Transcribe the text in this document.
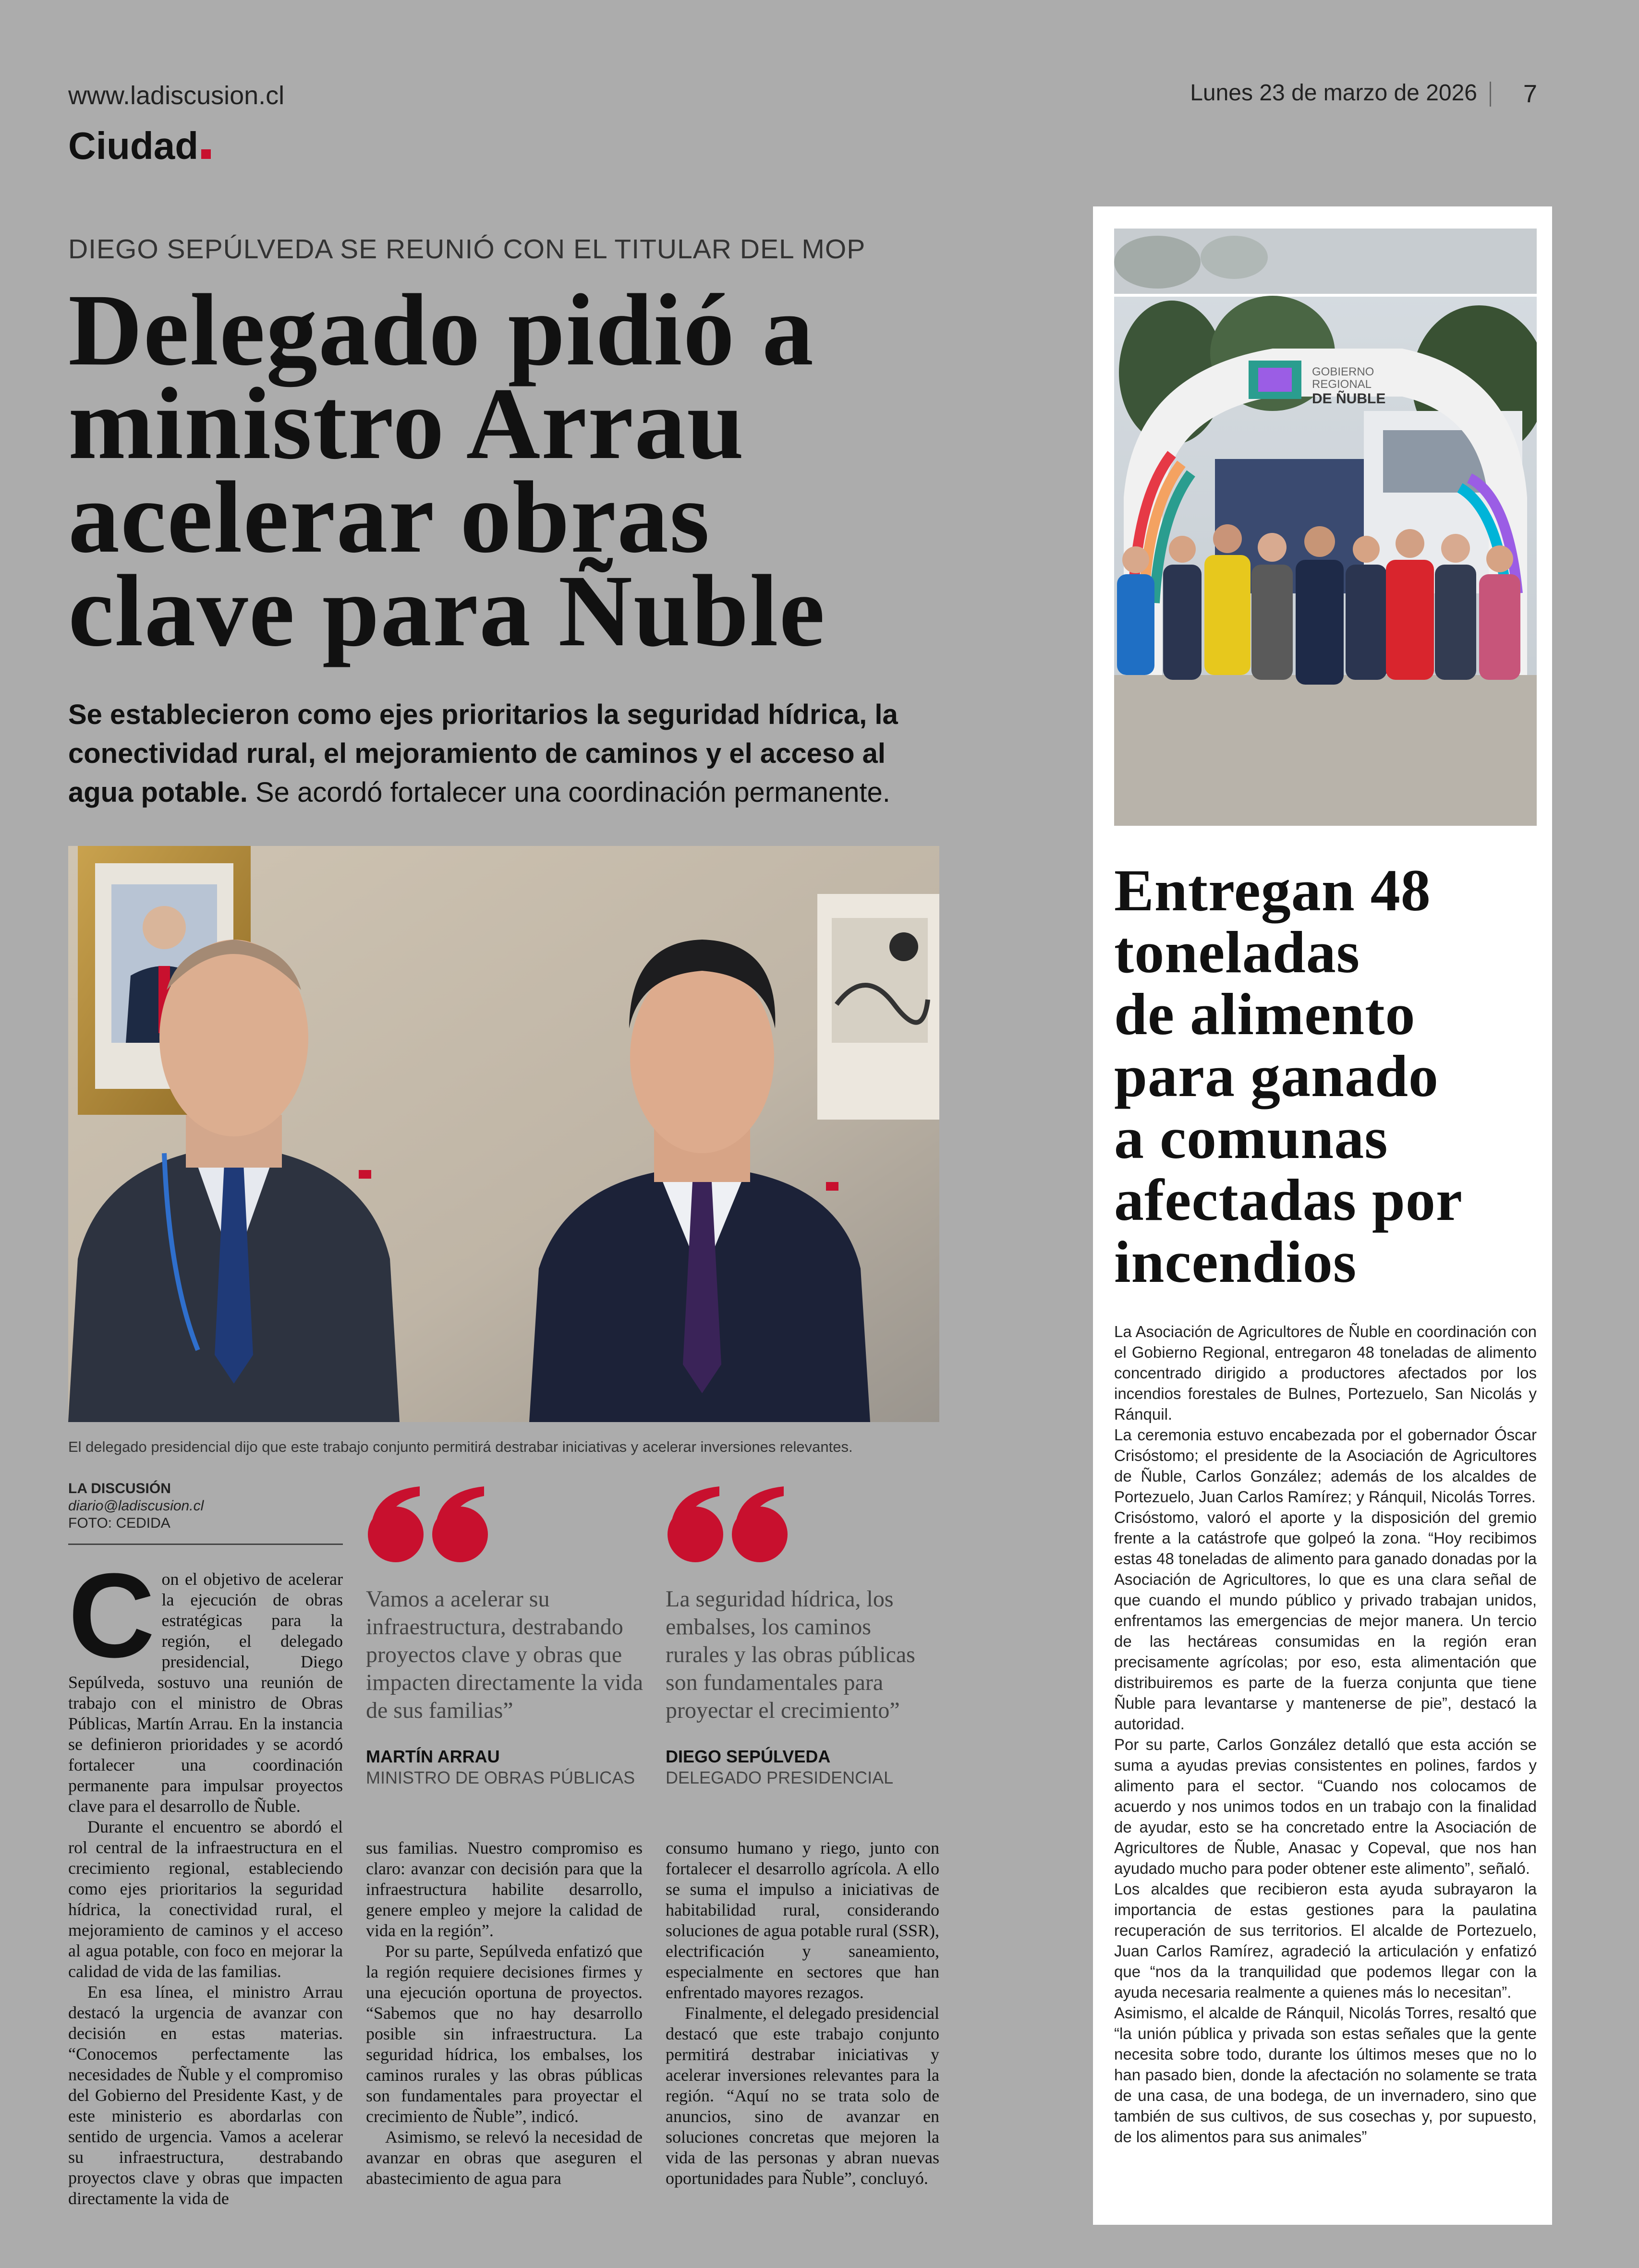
www.ladiscusion.cl
Ciudad
Lunes 23 de marzo de 2026	7
DIEGO SEPÚLVEDA SE REUNIÓ CON EL TITULAR DEL MOP
Delegado pidió a
ministro Arrau
acelerar obras
clave para Ñuble
Se establecieron como ejes prioritarios la seguridad hídrica, la conectividad rural, el mejoramiento de caminos y el acceso al agua potable. Se acordó fortalecer una coordinación permanente.
El delegado presidencial dijo que este trabajo conjunto permitirá destrabar iniciativas y acelerar inversiones relevantes.
LA DISCUSIÓN
diario@ladiscusion.cl
FOTO: CEDIDA
C on el objetivo de acelerar la ejecución de obras estratégicas para la región, el delegado presidencial, Diego Sepúlveda, sostuvo una reunión de trabajo con el ministro de Obras Públicas, Martín Arrau. En la instancia se definieron prioridades y se acordó fortalecer una coordinación permanente para impulsar proyectos clave para el desarrollo de Ñuble.

Durante el encuentro se abordó el rol central de la infraestructura en el crecimiento regional, estableciendo como ejes prioritarios la seguridad hídrica, la conectividad rural, el mejoramiento de caminos y el acceso al agua potable, con foco en mejorar la calidad de vida de las familias.

En esa línea, el ministro Arrau destacó la urgencia de avanzar con decisión en estas materias. “Conocemos perfectamente las necesidades de Ñuble y el compromiso del Gobierno del Presidente Kast, y de este ministerio es abordarlas con sentido de urgencia. Vamos a acelerar su infraestructura, destrabando proyectos clave y obras que impacten directamente la vida de

Vamos a acelerar su infraestructura, destrabando proyectos clave y obras que impacten directamente la vida de sus familias”
MARTÍN ARRAU
MINISTRO DE OBRAS PÚBLICAS
La seguridad hídrica, los embalses, los caminos rurales y las obras públicas son fundamentales para proyectar el crecimiento”
DIEGO SEPÚLVEDA
DELEGADO PRESIDENCIAL

sus familias. Nuestro compromiso es claro: avanzar con decisión para que la infraestructura habilite desarrollo, genere empleo y mejore la calidad de vida en la región”.

Por su parte, Sepúlveda enfatizó que la región requiere decisiones firmes y una ejecución oportuna de proyectos. “Sabemos que no hay desarrollo posible sin infraestructura. La seguridad hídrica, los embalses, los caminos rurales y las obras públicas son fundamentales para proyectar el crecimiento de Ñuble”, indicó.

Asimismo, se relevó la necesidad de avanzar en obras que aseguren el abastecimiento de agua para

consumo humano y riego, junto con fortalecer el desarrollo agrícola. A ello se suma el impulso a iniciativas de habitabilidad rural, considerando soluciones de agua potable rural (SSR), electrificación y saneamiento, especialmente en sectores que han enfrentado mayores rezagos.

Finalmente, el delegado presidencial destacó que este trabajo conjunto permitirá destrabar iniciativas y acelerar inversiones relevantes para la región. “Aquí no se trata solo de anuncios, sino de avanzar en soluciones concretas que mejoren la vida de las personas y abran nuevas oportunidades para Ñuble”, concluyó.

GOBIERNO
REGIONAL
DE ÑUBLE
Entregan 48
toneladas
de alimento
para ganado
a comunas
afectadas por
incendios

La Asociación de Agricultores de Ñuble en coordinación con el Gobierno Regional, entregaron 48 toneladas de alimento concentrado dirigido a productores afectados por los incendios forestales de Bulnes, Portezuelo, San Nicolás y Ránquil.

La ceremonia estuvo encabezada por el gobernador Óscar Crisóstomo; el presidente de la Asociación de Agricultores de Ñuble, Carlos González; además de los alcaldes de Portezuelo, Juan Carlos Ramírez; y Ránquil, Nicolás Torres.

Crisóstomo, valoró el aporte y la disposición del gremio frente a la catástrofe que golpeó la zona. “Hoy recibimos estas 48 toneladas de alimento para ganado donadas por la Asociación de Agricultores, lo que es una clara señal de que cuando el mundo público y privado trabajan unidos, enfrentamos las emergencias de mejor manera. Un tercio de las hectáreas consumidas en la región eran precisamente agrícolas; por eso, esta alimentación que distribuiremos es parte de la fuerza conjunta que tiene Ñuble para levantarse y mantenerse de pie”, destacó la autoridad.

Por su parte, Carlos González detalló que esta acción se suma a ayudas previas consistentes en polines, fardos y alimento para el sector. “Cuando nos colocamos de acuerdo y nos unimos todos en un trabajo con la finalidad de ayudar, esto se ha concretado entre la Asociación de Agricultores de Ñuble, Anasac y Copeval, que nos han ayudado mucho para poder obtener este alimento”, señaló.

Los alcaldes que recibieron esta ayuda subrayaron la importancia de estas gestiones para la paulatina recuperación de sus territorios. El alcalde de Portezuelo, Juan Carlos Ramírez, agradeció la articulación y enfatizó que “nos da la tranquilidad que podemos llegar con la ayuda necesaria realmente a quienes más lo necesitan”.

Asimismo, el alcalde de Ránquil, Nicolás Torres, resaltó que “la unión pública y privada son estas señales que la gente necesita sobre todo, durante los últimos meses que no lo han pasado bien, donde la afectación no solamente se trata de una casa, de una bodega, de un invernadero, sino que también de sus cultivos, de sus cosechas y, por supuesto, de los alimentos para sus animales”
